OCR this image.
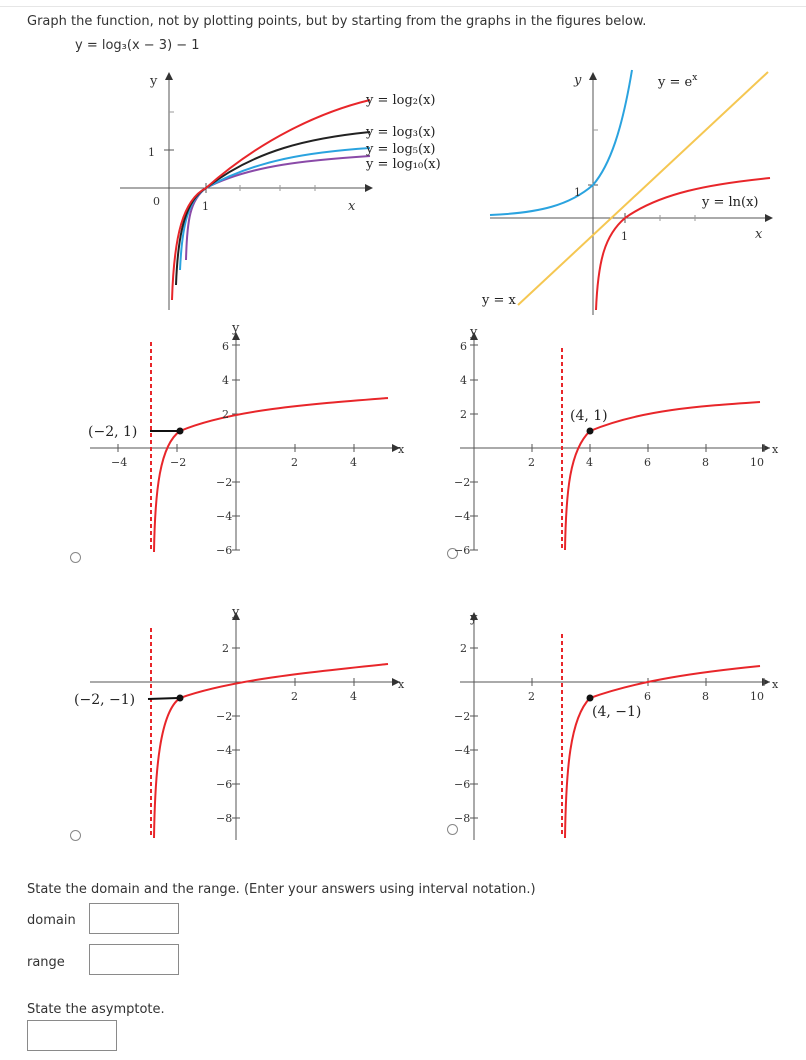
Graph the function, not by plotting points, but by starting from the graphs in the figures below.
y = log₃(x − 3) − 1
y
x
1
0	1
y = log₂(x)
y = log₃(x)
y = log₅(x)
y = log₁₀(x)
y
x
1
1
$y = e^x$
y = ln(x)
y = x
(−2, 1)
y
x
−4	−2	2	4
6
4
2
−2
−4
−6
(4, 1)
y
x
2	4	6	8	10
6
4
2
−2
−4
−6
(−2, −1)
y
x
2	4
2
−2
−4
−6
−8
(4, −1)
y
x
2	6	8	10
2
−2
−4
−6
−8
State the domain and the range. (Enter your answers using interval notation.)
domain
range
State the asymptote.
